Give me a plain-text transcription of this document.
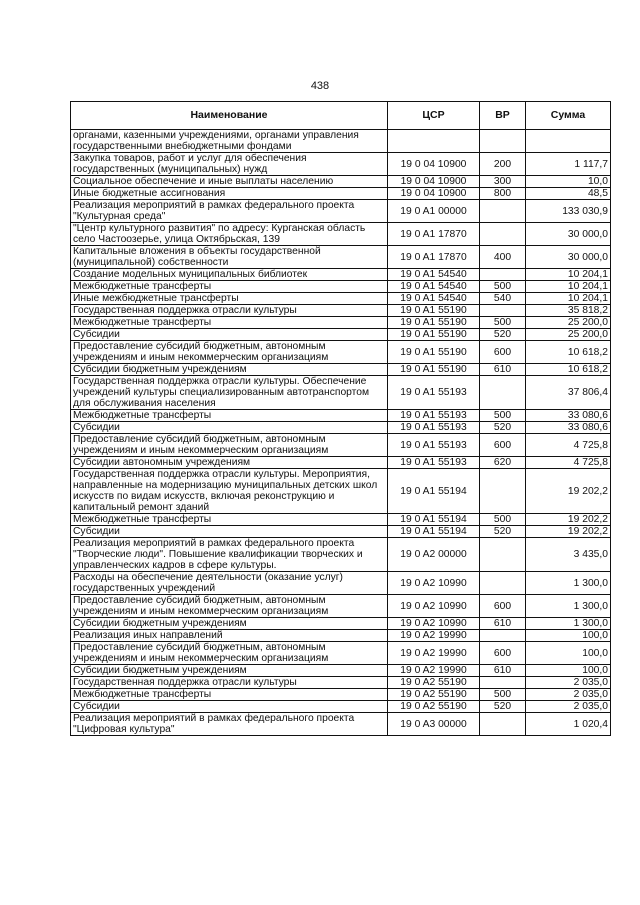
438
Наименование	ЦСР	ВР	Сумма
органами, казенными учреждениями, органами управления государственными внебюджетными фондами			
Закупка товаров, работ и услуг для обеспечения государственных (муниципальных) нужд	19 0 04 10900	200	1 117,7
Социальное обеспечение и иные выплаты населению	19 0 04 10900	300	10,0
Иные бюджетные ассигнования	19 0 04 10900	800	48,5
Реализация мероприятий в рамках федерального проекта "Культурная среда"	19 0 A1 00000		133 030,9
"Центр культурного развития" по адресу: Курганская область село Частоозерье, улица Октябрьская, 139	19 0 A1 17870		30 000,0
Капитальные вложения в объекты государственной (муниципальной) собственности	19 0 A1 17870	400	30 000,0
Создание модельных муниципальных библиотек	19 0 A1 54540		10 204,1
Межбюджетные трансферты	19 0 A1 54540	500	10 204,1
Иные межбюджетные трансферты	19 0 A1 54540	540	10 204,1
Государственная поддержка отрасли культуры	19 0 A1 55190		35 818,2
Межбюджетные трансферты	19 0 A1 55190	500	25 200,0
Субсидии	19 0 A1 55190	520	25 200,0
Предоставление субсидий бюджетным, автономным учреждениям и иным некоммерческим организациям	19 0 A1 55190	600	10 618,2
Субсидии бюджетным учреждениям	19 0 A1 55190	610	10 618,2
Государственная поддержка отрасли культуры. Обеспечение учреждений культуры специализированным автотранспортом для обслуживания населения	19 0 A1 55193		37 806,4
Межбюджетные трансферты	19 0 A1 55193	500	33 080,6
Субсидии	19 0 A1 55193	520	33 080,6
Предоставление субсидий бюджетным, автономным учреждениям и иным некоммерческим организациям	19 0 A1 55193	600	4 725,8
Субсидии автономным учреждениям	19 0 A1 55193	620	4 725,8
Государственная поддержка отрасли культуры. Мероприятия, направленные на модернизацию муниципальных детских школ искусств по видам искусств, включая реконструкцию и капитальный ремонт зданий	19 0 A1 55194		19 202,2
Межбюджетные трансферты	19 0 A1 55194	500	19 202,2
Субсидии	19 0 A1 55194	520	19 202,2
Реализация мероприятий в рамках федерального проекта "Творческие люди". Повышение квалификации творческих и управленческих кадров в сфере культуры.	19 0 A2 00000		3 435,0
Расходы на обеспечение деятельности (оказание услуг) государственных учреждений	19 0 A2 10990		1 300,0
Предоставление субсидий бюджетным, автономным учреждениям и иным некоммерческим организациям	19 0 A2 10990	600	1 300,0
Субсидии бюджетным учреждениям	19 0 A2 10990	610	1 300,0
Реализация иных направлений	19 0 A2 19990		100,0
Предоставление субсидий бюджетным, автономным учреждениям и иным некоммерческим организациям	19 0 A2 19990	600	100,0
Субсидии бюджетным учреждениям	19 0 A2 19990	610	100,0
Государственная поддержка отрасли культуры	19 0 A2 55190		2 035,0
Межбюджетные трансферты	19 0 A2 55190	500	2 035,0
Субсидии	19 0 A2 55190	520	2 035,0
Реализация мероприятий в рамках федерального проекта "Цифровая культура"	19 0 A3 00000		1 020,4
